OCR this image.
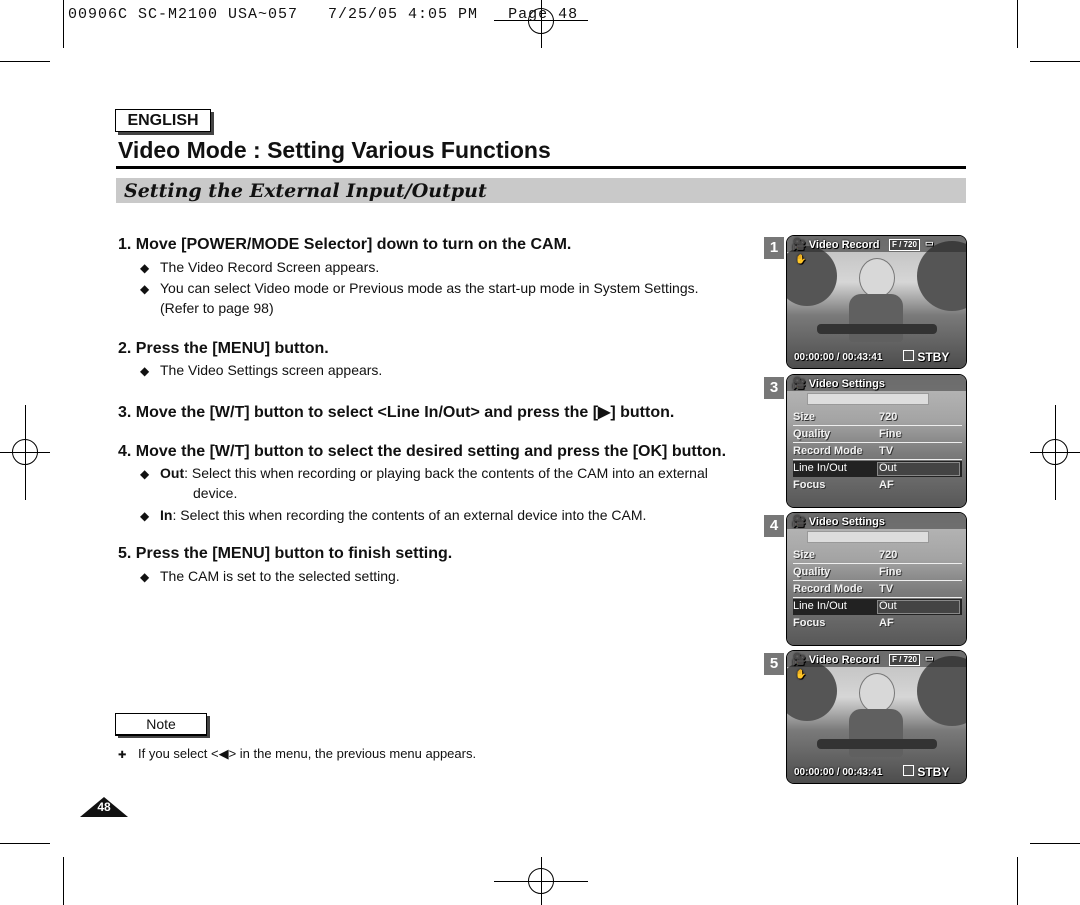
00906C SC-M2100 USA~057   7/25/05 4:05 PM   Page 48
ENGLISH
Video Mode : Setting Various Functions
Setting the External Input/Output
1. Move [POWER/MODE Selector] down to turn on the CAM.
◆ The Video Record Screen appears.
◆ You can select Video mode or Previous mode as the start-up mode in System Settings.
(Refer to page 98)
2. Press the [MENU] button.
◆ The Video Settings screen appears.
3. Move the [W/T] button to select <Line In/Out> and press the [▶] button.
4. Move the [W/T] button to select the desired setting and press the [OK] button.
◆ Out: Select this when recording or playing back the contents of the CAM into an external
device.
◆ In: Select this when recording the contents of an external device into the CAM.
5. Press the [MENU] button to finish setting.
◆ The CAM is set to the selected setting.
Note
✚ If you select <◀> in the menu, the previous menu appears.
48
1	🎥 Video Record	F / 720 ▭
✋
00:00:00 / 00:43:41	STBY
3	🎥 Video Settings
Size	720
Quality	Fine
Record Mode TV
Line In/Out	Out
Focus	AF
4	🎥 Video Settings
Size	720
Quality	Fine
Record Mode TV
Line In/Out	Out
Focus	AF
5	🎥 Video Record	F / 720 ▭
✋
00:00:00 / 00:43:41	STBY
